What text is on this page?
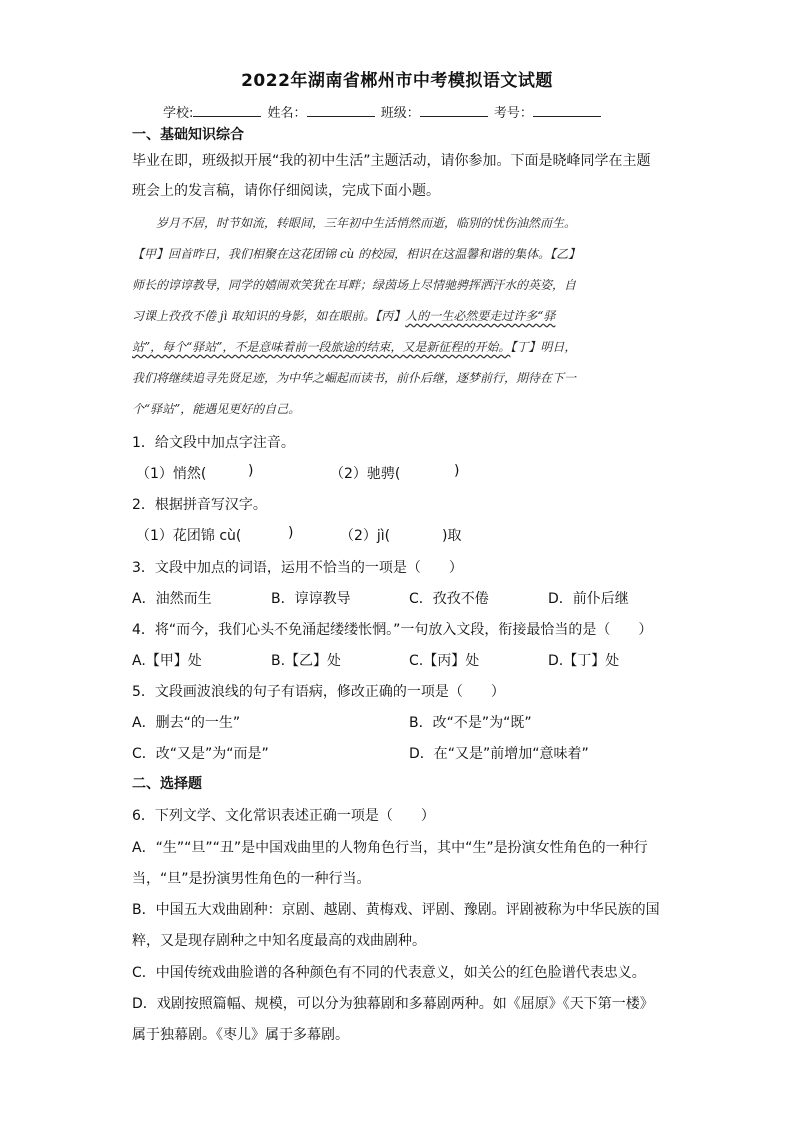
2022年湖南省郴州市中考模拟语文试题
学校:	姓名：	班级：	考号：
一、基础知识综合
毕业在即，班级拟开展“我的初中生活”主题活动，请你参加。下面是晓峰同学在主题
班会上的发言稿，请你仔细阅读，完成下面小题。
岁月不居，时节如流，转眼间，三年初中生活悄然而逝，临别的忧伤油然而生。
【甲】回首昨日，我们相聚在这花团锦 cù 的校园，相识在这温馨和谐的集体。【乙】
师长的谆谆教导，同学的嬉闹欢笑犹在耳畔；绿茵场上尽情驰骋挥洒汗水的英姿，自
习课上孜孜不倦 jì 取知识的身影，如在眼前。【丙】人的一生必然要走过许多“驿
站”，每个“驿站”，不是意味着前一段旅途的结束，又是新征程的开始。【丁】明日，
我们将继续追寻先贤足迹，为中华之崛起而读书，前仆后继，逐梦前行，期待在下一
个“驿站”，能遇见更好的自己。
1．给文段中加点字注音。
（1）悄然(	)	（2）驰骋(	)
2．根据拼音写汉字。
（1）花团锦 cù(	)	（2）jì(	)取
3．文段中加点的词语，运用不恰当的一项是（　　）
A．油然而生	B．谆谆教导	C．孜孜不倦	D．前仆后继
4．将“而今，我们心头不免涌起缕缕怅惘。”一句放入文段，衔接最恰当的是（　　）
A.【甲】处	B.【乙】处	C.【丙】处	D.【丁】处
5．文段画波浪线的句子有语病，修改正确的一项是（　　）
A．删去“的一生”	B．改“不是”为“既”
C．改“又是”为“而是”	D．在“又是”前增加“意味着”
二、选择题
6．下列文学、文化常识表述正确一项是（　　）
A．“生”“旦”“丑”是中国戏曲里的人物角色行当，其中“生”是扮演女性角色的一种行
当，“旦”是扮演男性角色的一种行当。
B．中国五大戏曲剧种：京剧、越剧、黄梅戏、评剧、豫剧。评剧被称为中华民族的国
粹，又是现存剧种之中知名度最高的戏曲剧种。
C．中国传统戏曲脸谱的各种颜色有不同的代表意义，如关公的红色脸谱代表忠义。
D．戏剧按照篇幅、规模，可以分为独幕剧和多幕剧两种。如《屈原》《天下第一楼》
属于独幕剧。《枣儿》属于多幕剧。
